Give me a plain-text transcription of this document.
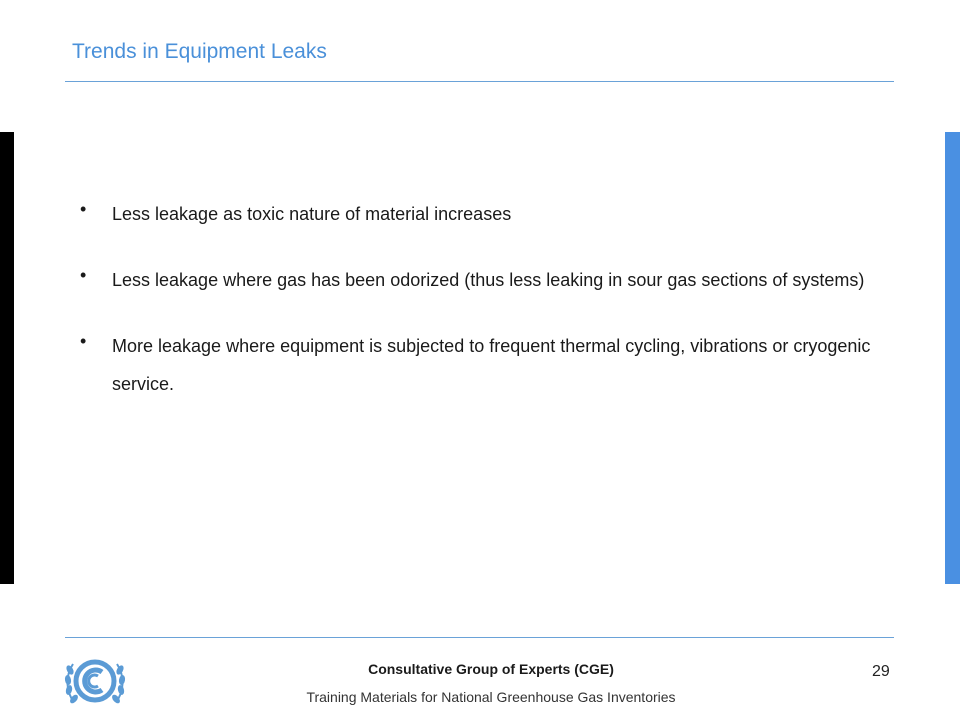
Trends in Equipment Leaks
• Less leakage as toxic nature of material increases
• Less leakage where gas has been odorized (thus less leaking in sour gas sections of systems)
• More leakage where equipment is subjected to frequent thermal cycling, vibrations or cryogenic service.
Consultative Group of Experts (CGE)
Training Materials for National Greenhouse Gas Inventories
29
